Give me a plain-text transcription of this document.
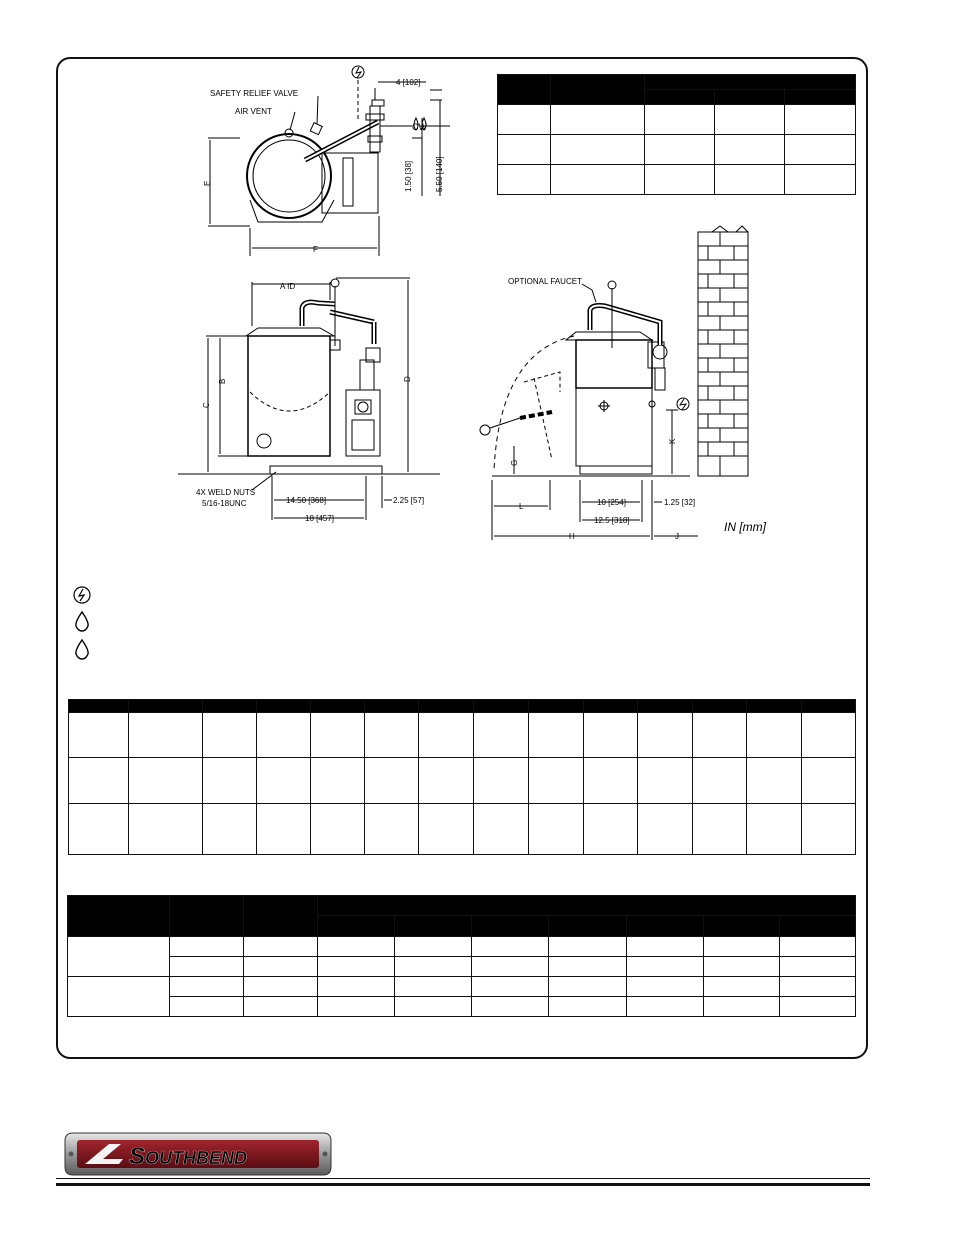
SAFETY RELIEF VALVE
AIR VENT
4 [102]
CW
1.50 [38]	5.50 [140]
E
F
A ID
B
C
D
4X WELD NUTS
5/16-18UNC	14.50 [368]	2.25 [57]
18 [457]
OPTIONAL FAUCET
K
G
L	10 [254]	1.25 [32]
12.5 [318]
H	J
IN [mm]

SOUTHBEND
